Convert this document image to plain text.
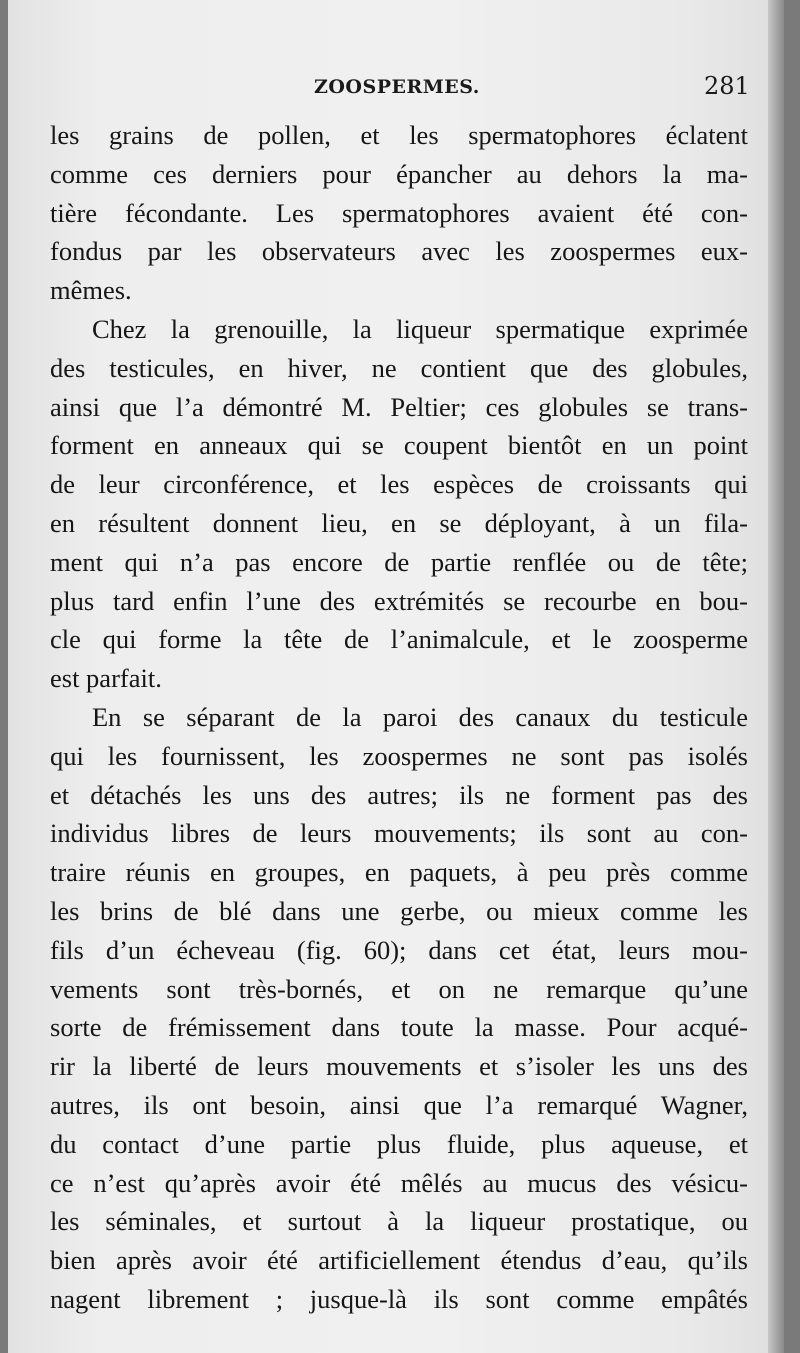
ZOOSPERMES.	281
les grains de pollen, et les spermatophores éclatent
comme ces derniers pour épancher au dehors la ma-
tière fécondante. Les spermatophores avaient été con-
fondus par les observateurs avec les zoospermes eux-
mêmes.
Chez la grenouille, la liqueur spermatique exprimée
des testicules, en hiver, ne contient que des globules,
ainsi que l’a démontré M. Peltier; ces globules se trans-
forment en anneaux qui se coupent bientôt en un point
de leur circonférence, et les espèces de croissants qui
en résultent donnent lieu, en se déployant, à un fila-
ment qui n’a pas encore de partie renflée ou de tête;
plus tard enfin l’une des extrémités se recourbe en bou-
cle qui forme la tête de l’animalcule, et le zoosperme
est parfait.
En se séparant de la paroi des canaux du testicule
qui les fournissent, les zoospermes ne sont pas isolés
et détachés les uns des autres; ils ne forment pas des
individus libres de leurs mouvements; ils sont au con-
traire réunis en groupes, en paquets, à peu près comme
les brins de blé dans une gerbe, ou mieux comme les
fils d’un écheveau (fig. 60); dans cet état, leurs mou-
vements sont très-bornés, et on ne remarque qu’une
sorte de frémissement dans toute la masse. Pour acqué-
rir la liberté de leurs mouvements et s’isoler les uns des
autres, ils ont besoin, ainsi que l’a remarqué Wagner,
du contact d’une partie plus fluide, plus aqueuse, et
ce n’est qu’après avoir été mêlés au mucus des vésicu-
les séminales, et surtout à la liqueur prostatique, ou
bien après avoir été artificiellement étendus d’eau, qu’ils
nagent librement ; jusque-là ils sont comme empâtés
